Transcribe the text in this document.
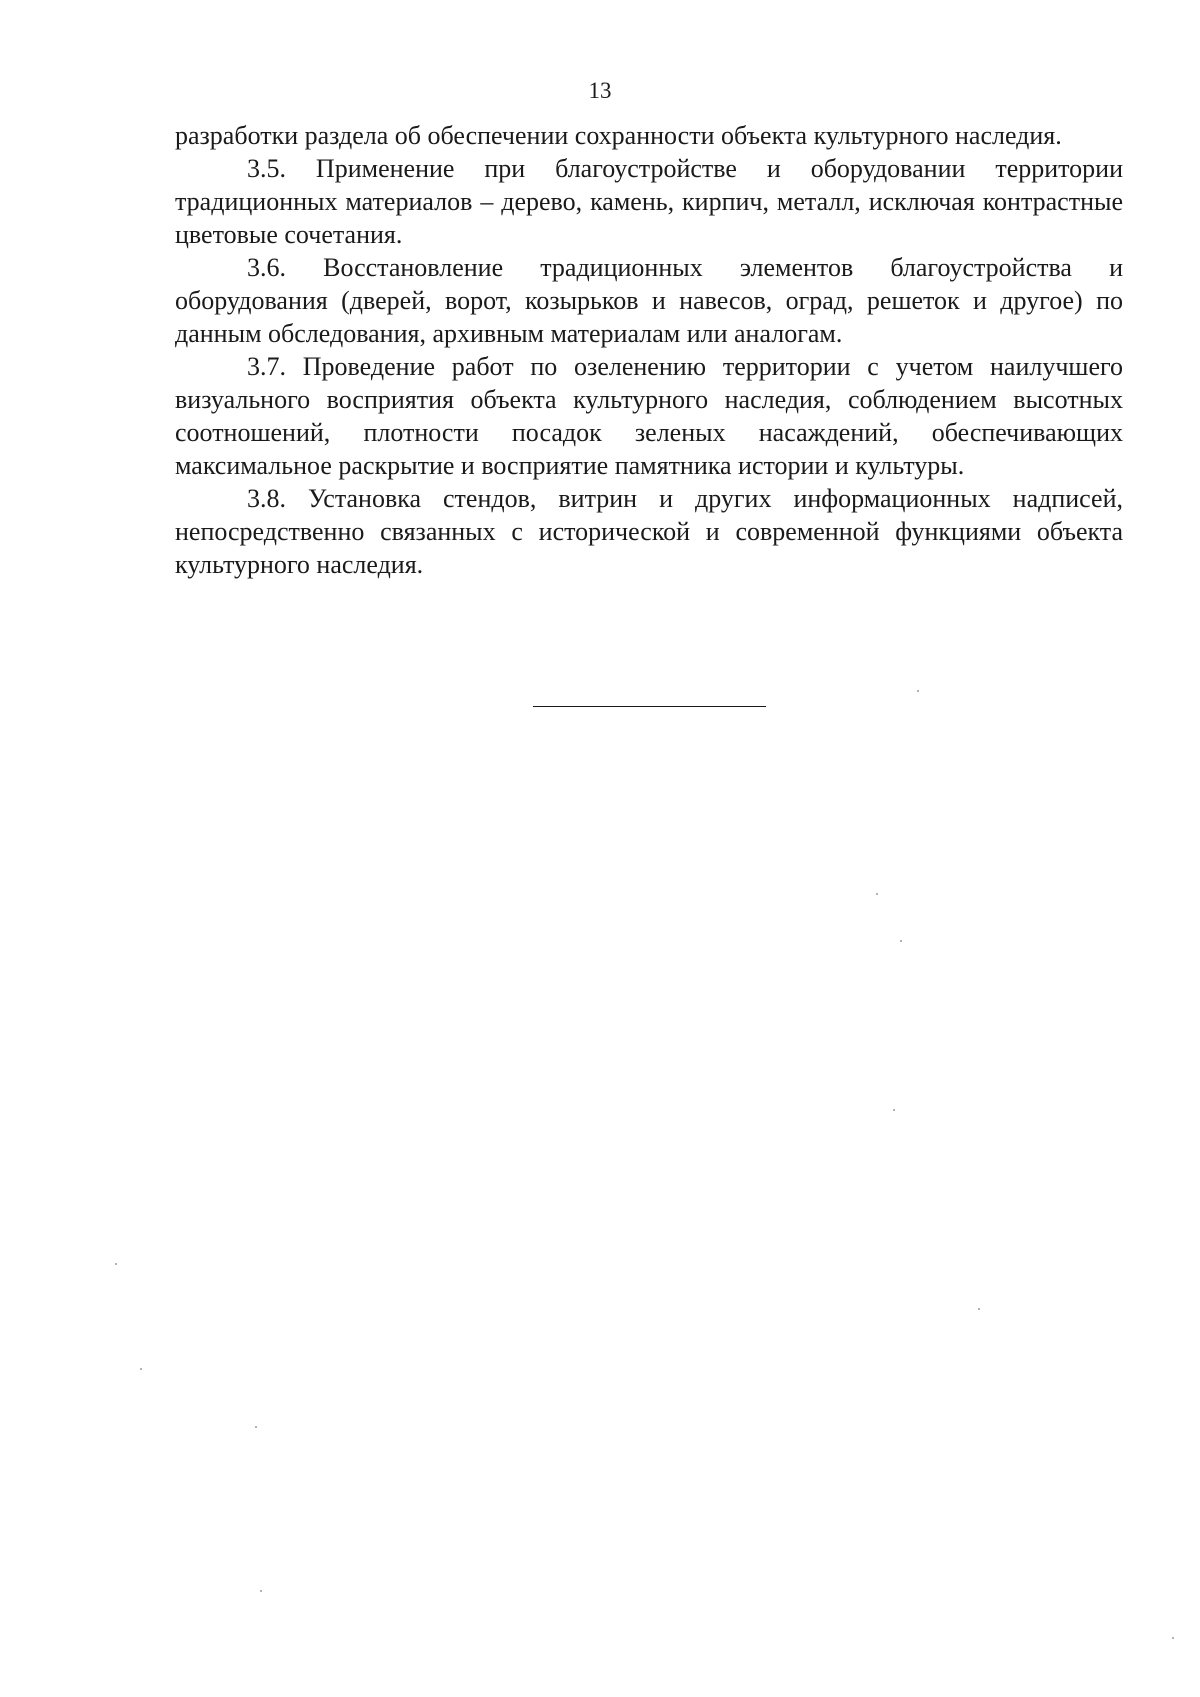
13

разработки раздела об обеспечении сохранности объекта культурного наследия.

3.5. Применение при благоустройстве и оборудовании территории традиционных материалов – дерево, камень, кирпич, металл, исключая контрастные цветовые сочетания.

3.6. Восстановление традиционных элементов благоустройства и оборудования (дверей, ворот, козырьков и навесов, оград, решеток и другое) по данным обследования, архивным материалам или аналогам.

3.7. Проведение работ по озеленению территории с учетом наилучшего визуального восприятия объекта культурного наследия, соблюдением высотных соотношений, плотности посадок зеленых насаждений, обеспечивающих максимальное раскрытие и восприятие памятника истории и культуры.

3.8. Установка стендов, витрин и других информационных надписей, непосредственно связанных с исторической и современной функциями объекта культурного наследия.
